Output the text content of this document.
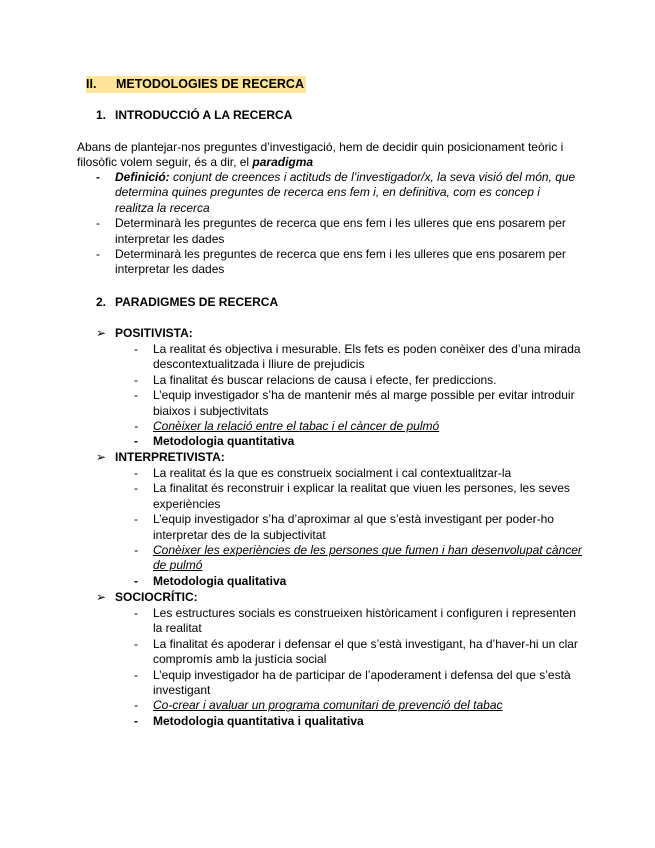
II. METODOLOGIES DE RECERCA
1. INTRODUCCIÓ A LA RECERCA
Abans de plantejar-nos preguntes d’investigació, hem de decidir quin posicionament teòric i filosòfic volem seguir, és a dir, el paradigma
- Definició: conjunt de creences i actituds de l’investigador/x, la seva visió del món, que determina quines preguntes de recerca ens fem i, en definitiva, com es concep i realitza la recerca
- Determinarà les preguntes de recerca que ens fem i les ulleres que ens posarem per interpretar les dades
- Determinarà les preguntes de recerca que ens fem i les ulleres que ens posarem per interpretar les dades
2. PARADIGMES DE RECERCA
➢ POSITIVISTA:
- La realitat és objectiva i mesurable. Els fets es poden conèixer des d’una mirada descontextualitzada i lliure de prejudicis
- La finalitat és buscar relacions de causa i efecte, fer prediccions.
- L’equip investigador s’ha de mantenir més al marge possible per evitar introduir biaixos i subjectivitats
- Conèixer la relació entre el tabac i el càncer de pulmó
- Metodologia quantitativa
➢ INTERPRETIVISTA:
- La realitat és la que es construeix socialment i cal contextualitzar-la
- La finalitat és reconstruir i explicar la realitat que viuen les persones, les seves experiències
- L’equip investigador s’ha d’aproximar al que s’està investigant per poder-ho interpretar des de la subjectivitat
- Conèixer les experiències de les persones que fumen i han desenvolupat càncer de pulmó
- Metodologia qualitativa
➢ SOCIOCRÍTIC:
- Les estructures socials es construeixen històricament i configuren i representen la realitat
- La finalitat és apoderar i defensar el que s’està investigant, ha d’haver-hi un clar compromís amb la justícia social
- L’equip investigador ha de participar de l’apoderament i defensa del que s’està investigant
- Co-crear i avaluar un programa comunitari de prevenció del tabac
- Metodologia quantitativa i qualitativa
